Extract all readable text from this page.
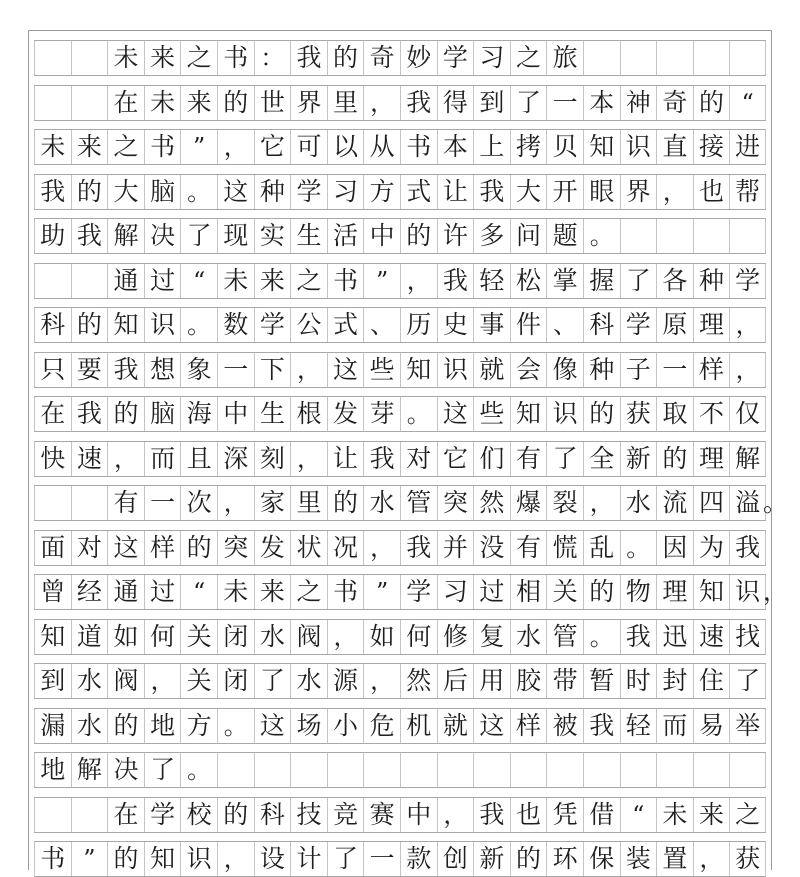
未 来 之 书 ： 我 的 奇 妙 学 习 之 旅
在 未 来 的 世 界 里 ， 我 得 到 了 一 本 神 奇 的 “
未 来 之 书 ” ， 它 可 以 从 书 本 上 拷 贝 知 识 直 接 进
我 的 大 脑 。 这 种 学 习 方 式 让 我 大 开 眼 界 ， 也 帮
助 我 解 决 了 现 实 生 活 中 的 许 多 问 题 。
通 过 “ 未 来 之 书 ” ， 我 轻 松 掌 握 了 各 种 学
科 的 知 识 。 数 学 公 式 、 历 史 事 件 、 科 学 原 理 ，
只 要 我 想 象 一 下 ， 这 些 知 识 就 会 像 种 子 一 样 ，
在 我 的 脑 海 中 生 根 发 芽 。 这 些 知 识 的 获 取 不 仅
快 速 ， 而 且 深 刻 ， 让 我 对 它 们 有 了 全 新 的 理 解
有 一 次 ， 家 里 的 水 管 突 然 爆 裂 ， 水 流 四 溢 。
面 对 这 样 的 突 发 状 况 ， 我 并 没 有 慌 乱 。 因 为 我
曾 经 通 过 “ 未 来 之 书 ” 学 习 过 相 关 的 物 理 知 识 ，
知 道 如 何 关 闭 水 阀 ， 如 何 修 复 水 管 。 我 迅 速 找
到 水 阀 ， 关 闭 了 水 源 ， 然 后 用 胶 带 暂 时 封 住 了
漏 水 的 地 方 。 这 场 小 危 机 就 这 样 被 我 轻 而 易 举
地 解 决 了 。
在 学 校 的 科 技 竞 赛 中 ， 我 也 凭 借 “ 未 来 之
书 ” 的 知 识 ， 设 计 了 一 款 创 新 的 环 保 装 置 ， 获
